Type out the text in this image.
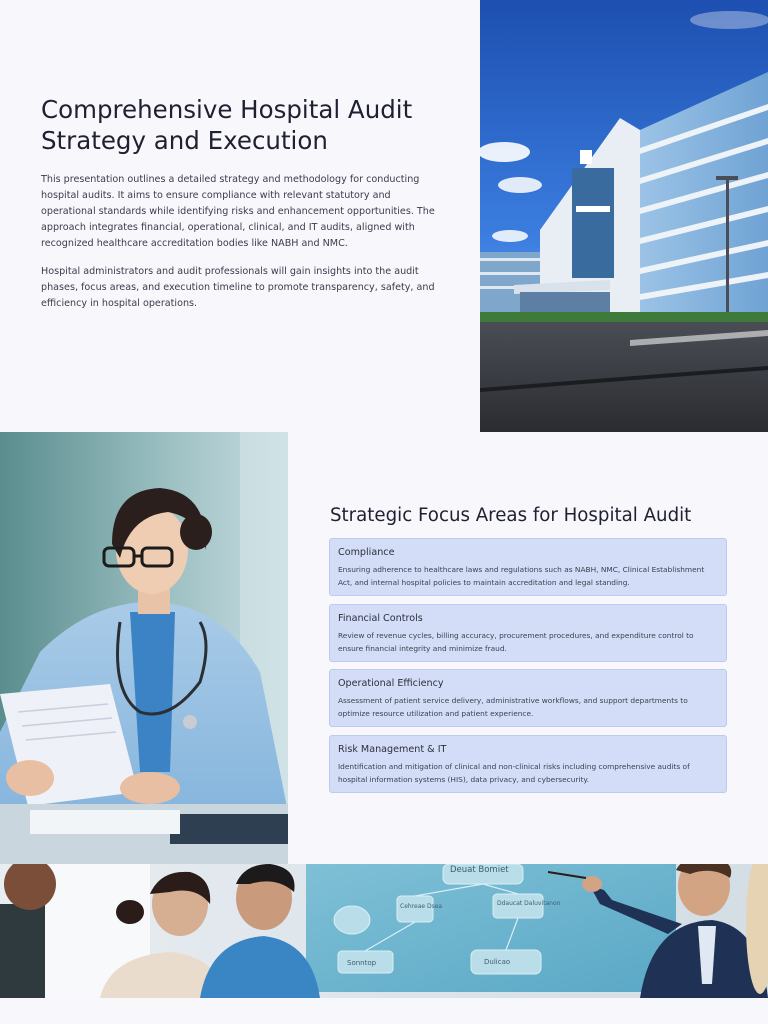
Comprehensive Hospital Audit Strategy and Execution

This presentation outlines a detailed strategy and methodology for conducting hospital audits. It aims to ensure compliance with relevant statutory and operational standards while identifying risks and enhancement opportunities. The approach integrates financial, operational, clinical, and IT audits, aligned with recognized healthcare accreditation bodies like NABH and NMC.

Hospital administrators and audit professionals will gain insights into the audit phases, focus areas, and execution timeline to promote transparency, safety, and efficiency in hospital operations.

Strategic Focus Areas for Hospital Audit

Compliance

Ensuring adherence to healthcare laws and regulations such as NABH, NMC, Clinical Establishment Act, and internal hospital policies to maintain accreditation and legal standing.

Financial Controls

Review of revenue cycles, billing accuracy, procurement procedures, and expenditure control to ensure financial integrity and minimize fraud.

Operational Efficiency

Assessment of patient service delivery, administrative workflows, and support departments to optimize resource utilization and patient experience.

Risk Management & IT

Identification and mitigation of clinical and non-clinical risks including comprehensive audits of hospital information systems (HIS), data privacy, and cybersecurity.

Deuat Bomiet
Cehreae Dsea	Ddaucat Daluvitanon
Sonntop	Dulicao
